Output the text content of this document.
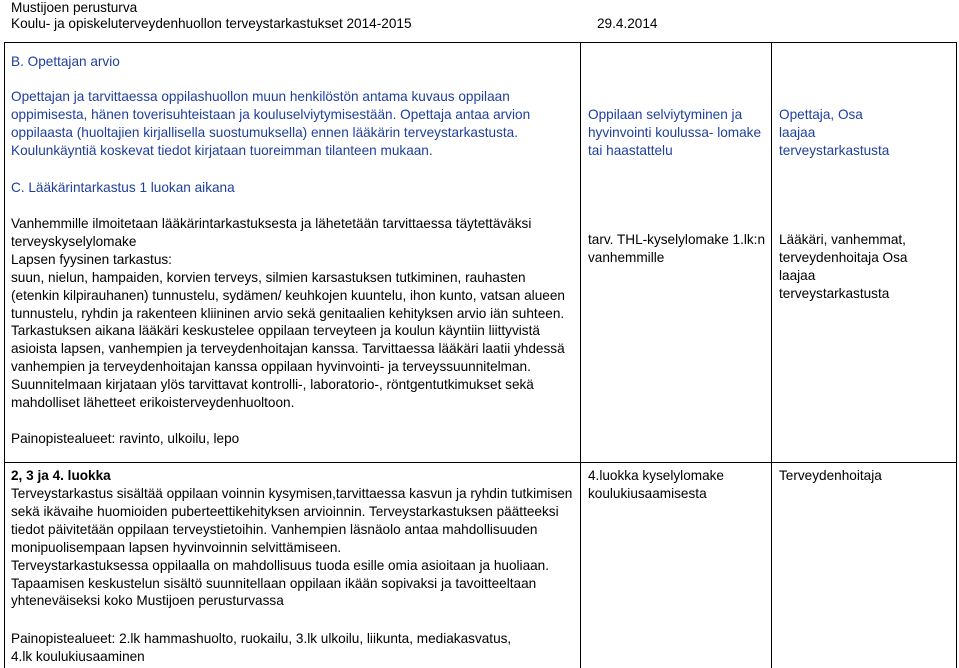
Mustijoen perusturva
Koulu- ja opiskeluterveydenhuollon terveystarkastukset 2014-2015	29.4.2014
B. Opettajan arvio
Opettajan ja tarvittaessa oppilashuollon muun henkilöstön antama kuvaus oppilaan oppimisesta, hänen toverisuhteistaan ja kouluselviytymisestään. Opettaja antaa arvion oppilaasta (huoltajien kirjallisella suostumuksella) ennen lääkärin terveystarkastusta. Koulunkäyntiä koskevat tiedot kirjataan tuoreimman tilanteen mukaan.
Oppilaan selviytyminen ja hyvinvointi koulussa- lomake tai haastattelu
Opettaja, Osa laajaa terveystarkastusta
C. Lääkärintarkastus 1 luokan aikana

Vanhemmille ilmoitetaan lääkärintarkastuksesta ja lähetetään tarvittaessa täytettäväksi

terveyskyselylomake

Lapsen fyysinen tarkastus:

suun, nielun, hampaiden, korvien terveys, silmien karsastuksen tutkiminen, rauhasten

(etenkin kilpirauhanen) tunnustelu, sydämen/ keuhkojen kuuntelu, ihon kunto, vatsan alueen

tunnustelu, ryhdin ja rakenteen kliininen arvio sekä genitaalien kehityksen arvio iän suhteen.

Tarkastuksen aikana lääkäri keskustelee oppilaan terveyteen ja koulun käyntiin liittyvistä

asioista lapsen, vanhempien ja terveydenhoitajan kanssa. Tarvittaessa lääkäri laatii yhdessä

vanhempien ja terveydenhoitajan kanssa oppilaan hyvinvointi- ja terveyssuunnitelman.

Suunnitelmaan kirjataan ylös tarvittavat kontrolli-, laboratorio-, röntgentutkimukset sekä

mahdolliset lähetteet erikoisterveydenhuoltoon.

Painopistealueet: ravinto, ulkoilu, lepo
tarv. THL-kyselylomake 1.lk:n vanhemmille
Lääkäri, vanhemmat, terveydenhoitaja Osa laajaa terveystarkastusta
2, 3 ja 4. luokka

Terveystarkastus sisältää oppilaan voinnin kysymisen,tarvittaessa kasvun ja ryhdin tutkimisen

sekä ikävaihe huomioiden puberteettikehityksen arvioinnin. Terveystarkastuksen päätteeksi

tiedot päivitetään oppilaan terveystietoihin. Vanhempien läsnäolo antaa mahdollisuuden

monipuolisempaan lapsen hyvinvoinnin selvittämiseen.

Terveystarkastuksessa oppilaalla on mahdollisuus tuoda esille omia asioitaan ja huoliaan.

Tapaamisen keskustelun sisältö suunnitellaan oppilaan ikään sopivaksi ja tavoitteeltaan

yhteneväiseksi koko Mustijoen perusturvassa

Painopistealueet: 2.lk hammashuolto, ruokailu, 3.lk ulkoilu, liikunta, mediakasvatus,

4.lk koulukiusaaminen

4.luokka kyselylomake koulukiusaamisesta
Terveydenhoitaja
